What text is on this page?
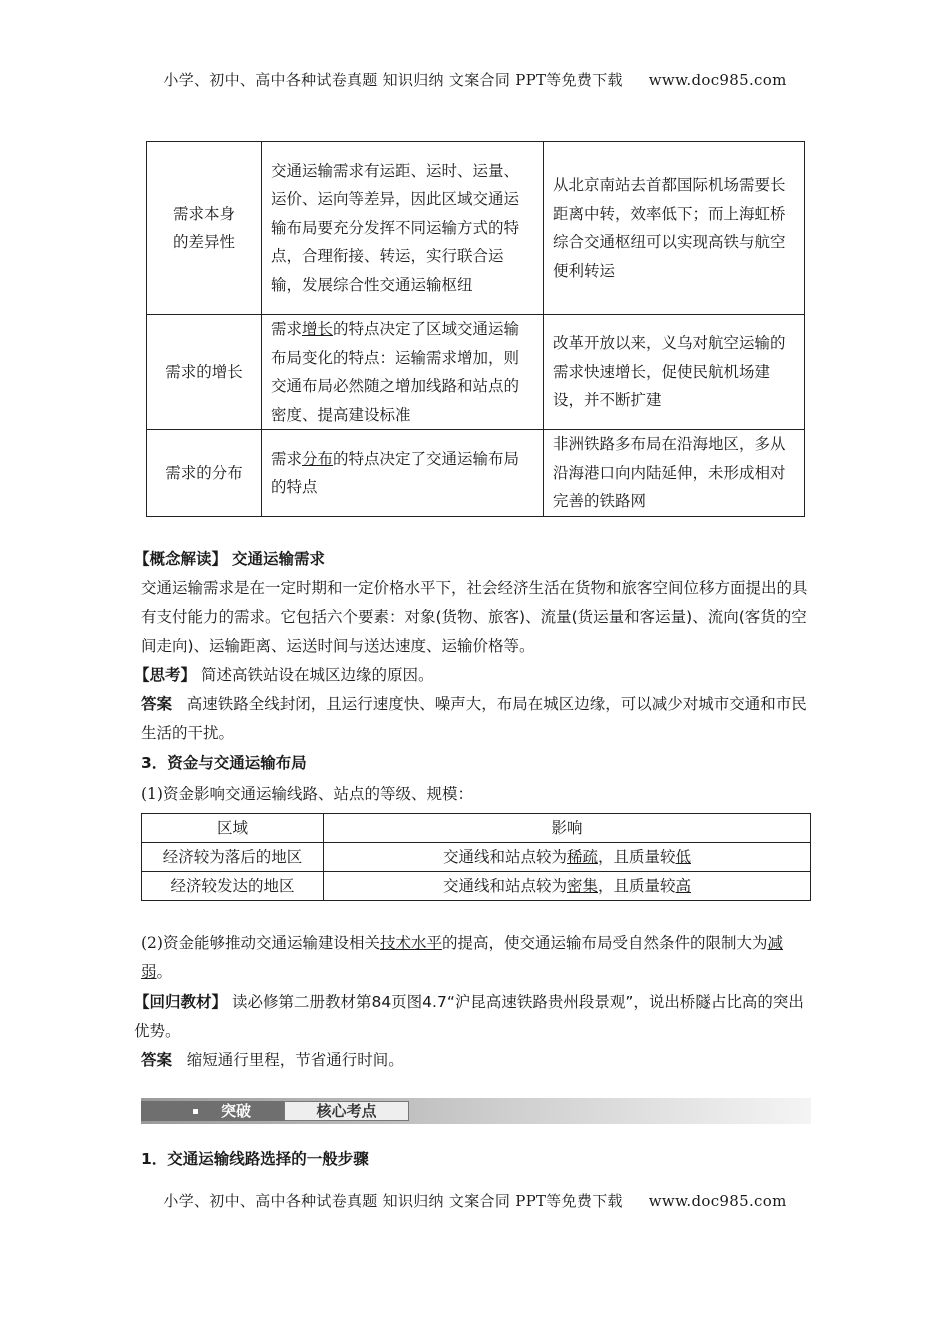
小学、初中、高中各种试卷真题 知识归纳 文案合同 PPT等免费下载 www.doc985.com
需求本身
的差异性	交通运输需求有运距、运时、运量、运价、运向等差异，因此区域交通运输布局要充分发挥不同运输方式的特点，合理衔接、转运，实行联合运输，发展综合性交通运输枢纽	从北京南站去首都国际机场需要长距离中转，效率低下；而上海虹桥综合交通枢纽可以实现高铁与航空便利转运
需求的增长	需求增长的特点决定了区域交通运输布局变化的特点：运输需求增加，则交通布局必然随之增加线路和站点的密度、提高建设标准	改革开放以来，义乌对航空运输的需求快速增长，促使民航机场建设，并不断扩建
需求的分布	需求分布的特点决定了交通运输布局的特点	非洲铁路多布局在沿海地区，多从沿海港口向内陆延伸，未形成相对完善的铁路网
【概念解读】 交通运输需求
交通运输需求是在一定时期和一定价格水平下，社会经济生活在货物和旅客空间位移方面提出的具有支付能力的需求。它包括六个要素：对象(货物、旅客)、流量(货运量和客运量)、流向(客货的空间走向)、运输距离、运送时间与送达速度、运输价格等。
【思考】 简述高铁站设在城区边缘的原因。
答案 高速铁路全线封闭，且运行速度快、噪声大，布局在城区边缘，可以减少对城市交通和市民生活的干扰。
3．资金与交通运输布局
(1)资金影响交通运输线路、站点的等级、规模：
区域	影响
经济较为落后的地区	交通线和站点较为稀疏，且质量较低
经济较发达的地区	交通线和站点较为密集，且质量较高
(2)资金能够推动交通运输建设相关技术水平的提高，使交通运输布局受自然条件的限制大为减弱。
【回归教材】 读必修第二册教材第84页图4.7“沪昆高速铁路贵州段景观”，说出桥隧占比高的突出优势。
答案 缩短通行里程，节省通行时间。
突破	核心考点
1．交通运输线路选择的一般步骤
小学、初中、高中各种试卷真题 知识归纳 文案合同 PPT等免费下载 www.doc985.com
